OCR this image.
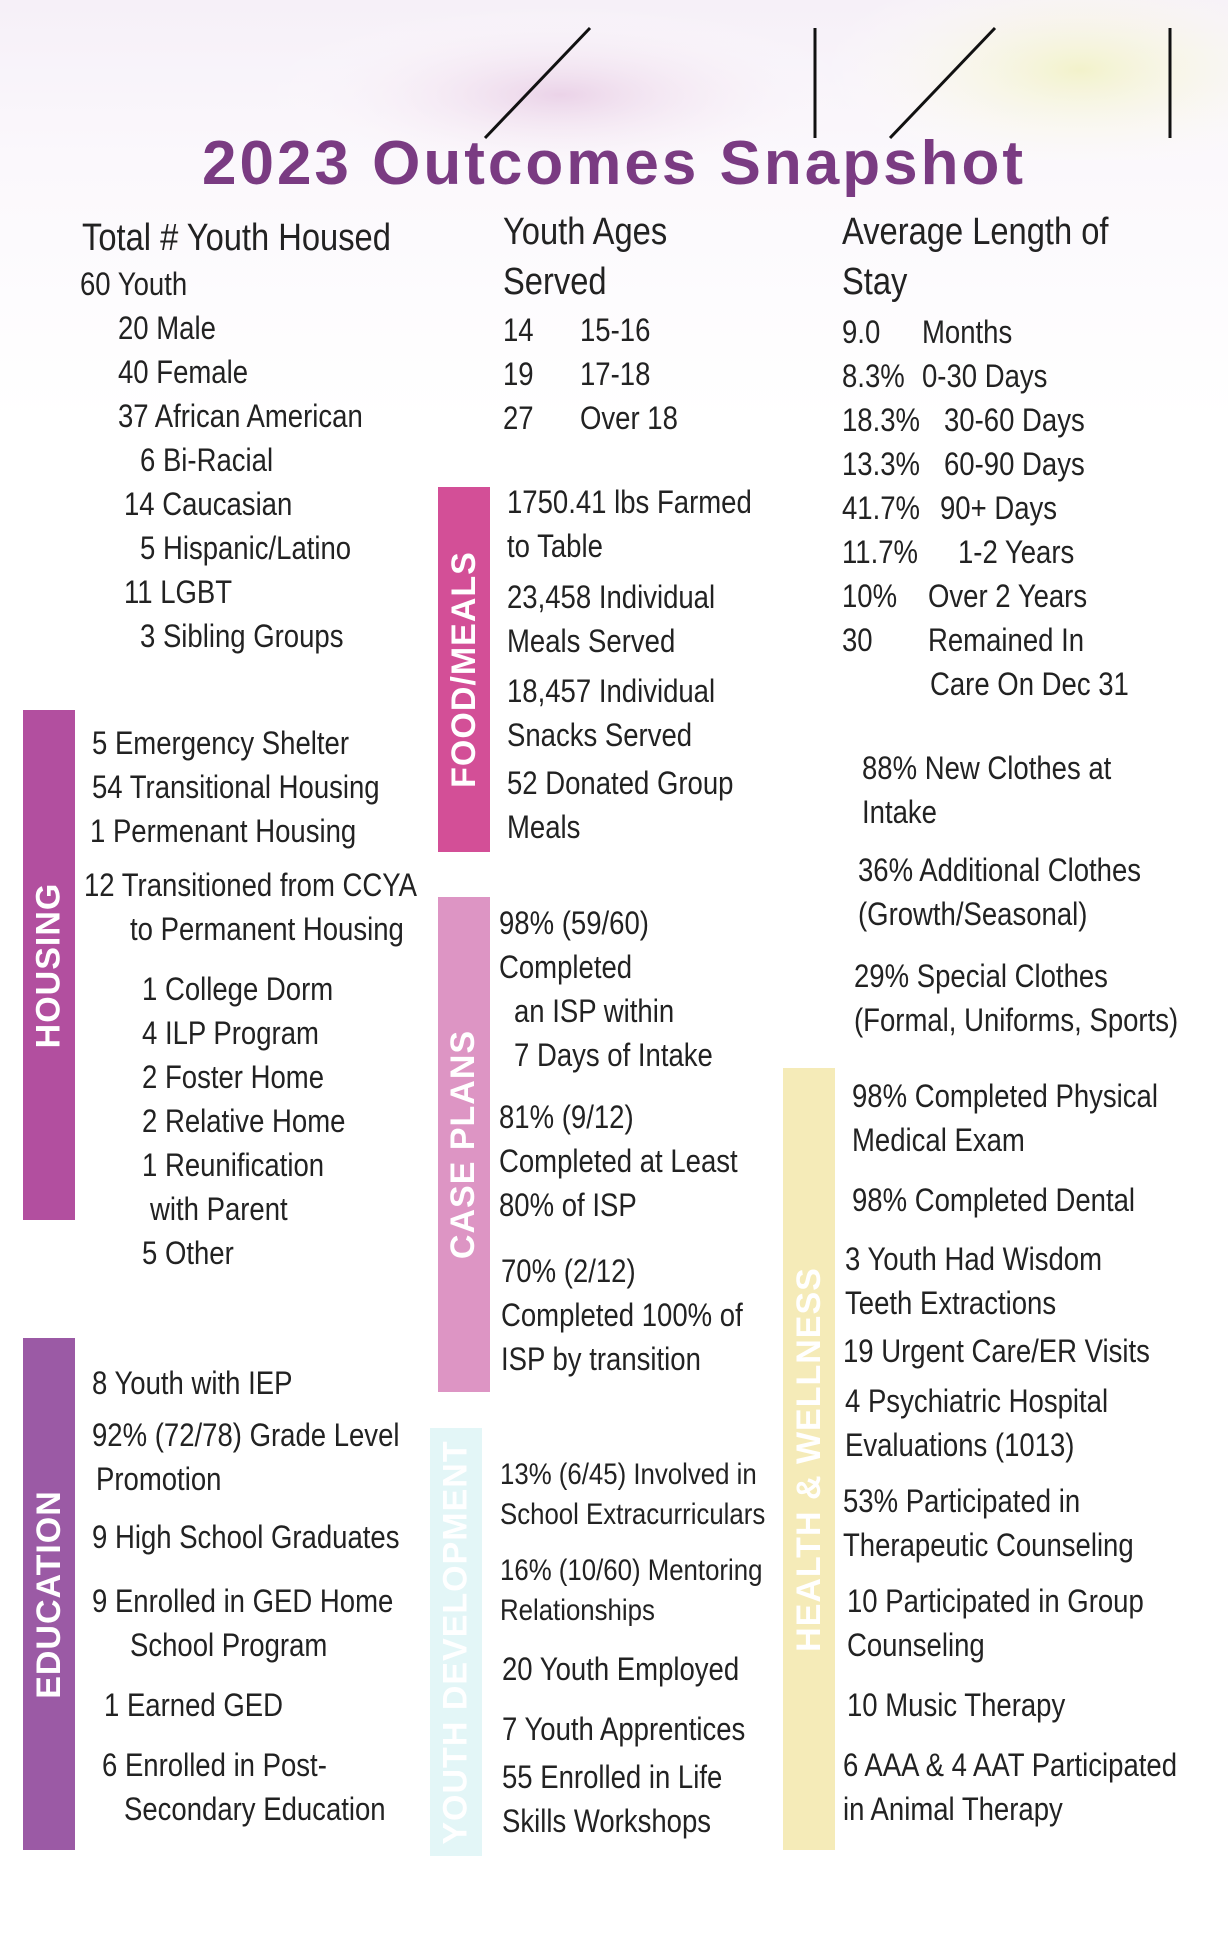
2023 Outcomes Snapshot
HOUSING
EDUCATION
FOOD/MEALS
CASE PLANS
YOUTH DEVELOPMENT	HEALTH & WELLNESS
Total # Youth Housed
60 Youth
20 Male
40 Female
37 African American
6 Bi-Racial
14 Caucasian
5 Hispanic/Latino
11 LGBT
3 Sibling Groups
5 Emergency Shelter
54 Transitional Housing
1 Permenant Housing
12 Transitioned from CCYA
to Permanent Housing
1 College Dorm
4 ILP Program
2 Foster Home
2 Relative Home
1 Reunification
with Parent
5 Other
8 Youth with IEP
92% (72/78) Grade Level
Promotion
9 High School Graduates
9 Enrolled in GED Home
School Program
1 Earned GED
6 Enrolled in Post-
Secondary Education
Youth Ages
Served
14 15-16
19 17-18
27 Over 18
1750.41 lbs Farmed
to Table
23,458 Individual
Meals Served
18,457 Individual
Snacks Served
52 Donated Group
Meals
98% (59/60)
Completed
an ISP within
7 Days of Intake
81% (9/12)
Completed at Least
80% of ISP
70% (2/12)
Completed 100% of
ISP by transition
13% (6/45) Involved in
School Extracurriculars
16% (10/60) Mentoring
Relationships
20 Youth Employed
7 Youth Apprentices
55 Enrolled in Life
Skills Workshops
Average Length of
Stay
9.0 Months
8.3% 0-30 Days
18.3% 30-60 Days
13.3% 60-90 Days
41.7% 90+ Days
11.7% 1-2 Years
10% Over 2 Years
30 Remained In
Care On Dec 31
88% New Clothes at
Intake
36% Additional Clothes
(Growth/Seasonal)
29% Special Clothes
(Formal, Uniforms, Sports)
98% Completed Physical
Medical Exam
98% Completed Dental
3 Youth Had Wisdom
Teeth Extractions
19 Urgent Care/ER Visits
4 Psychiatric Hospital
Evaluations (1013)
53% Participated in
Therapeutic Counseling
10 Participated in Group
Counseling
10 Music Therapy
6 AAA & 4 AAT Participated
in Animal Therapy
